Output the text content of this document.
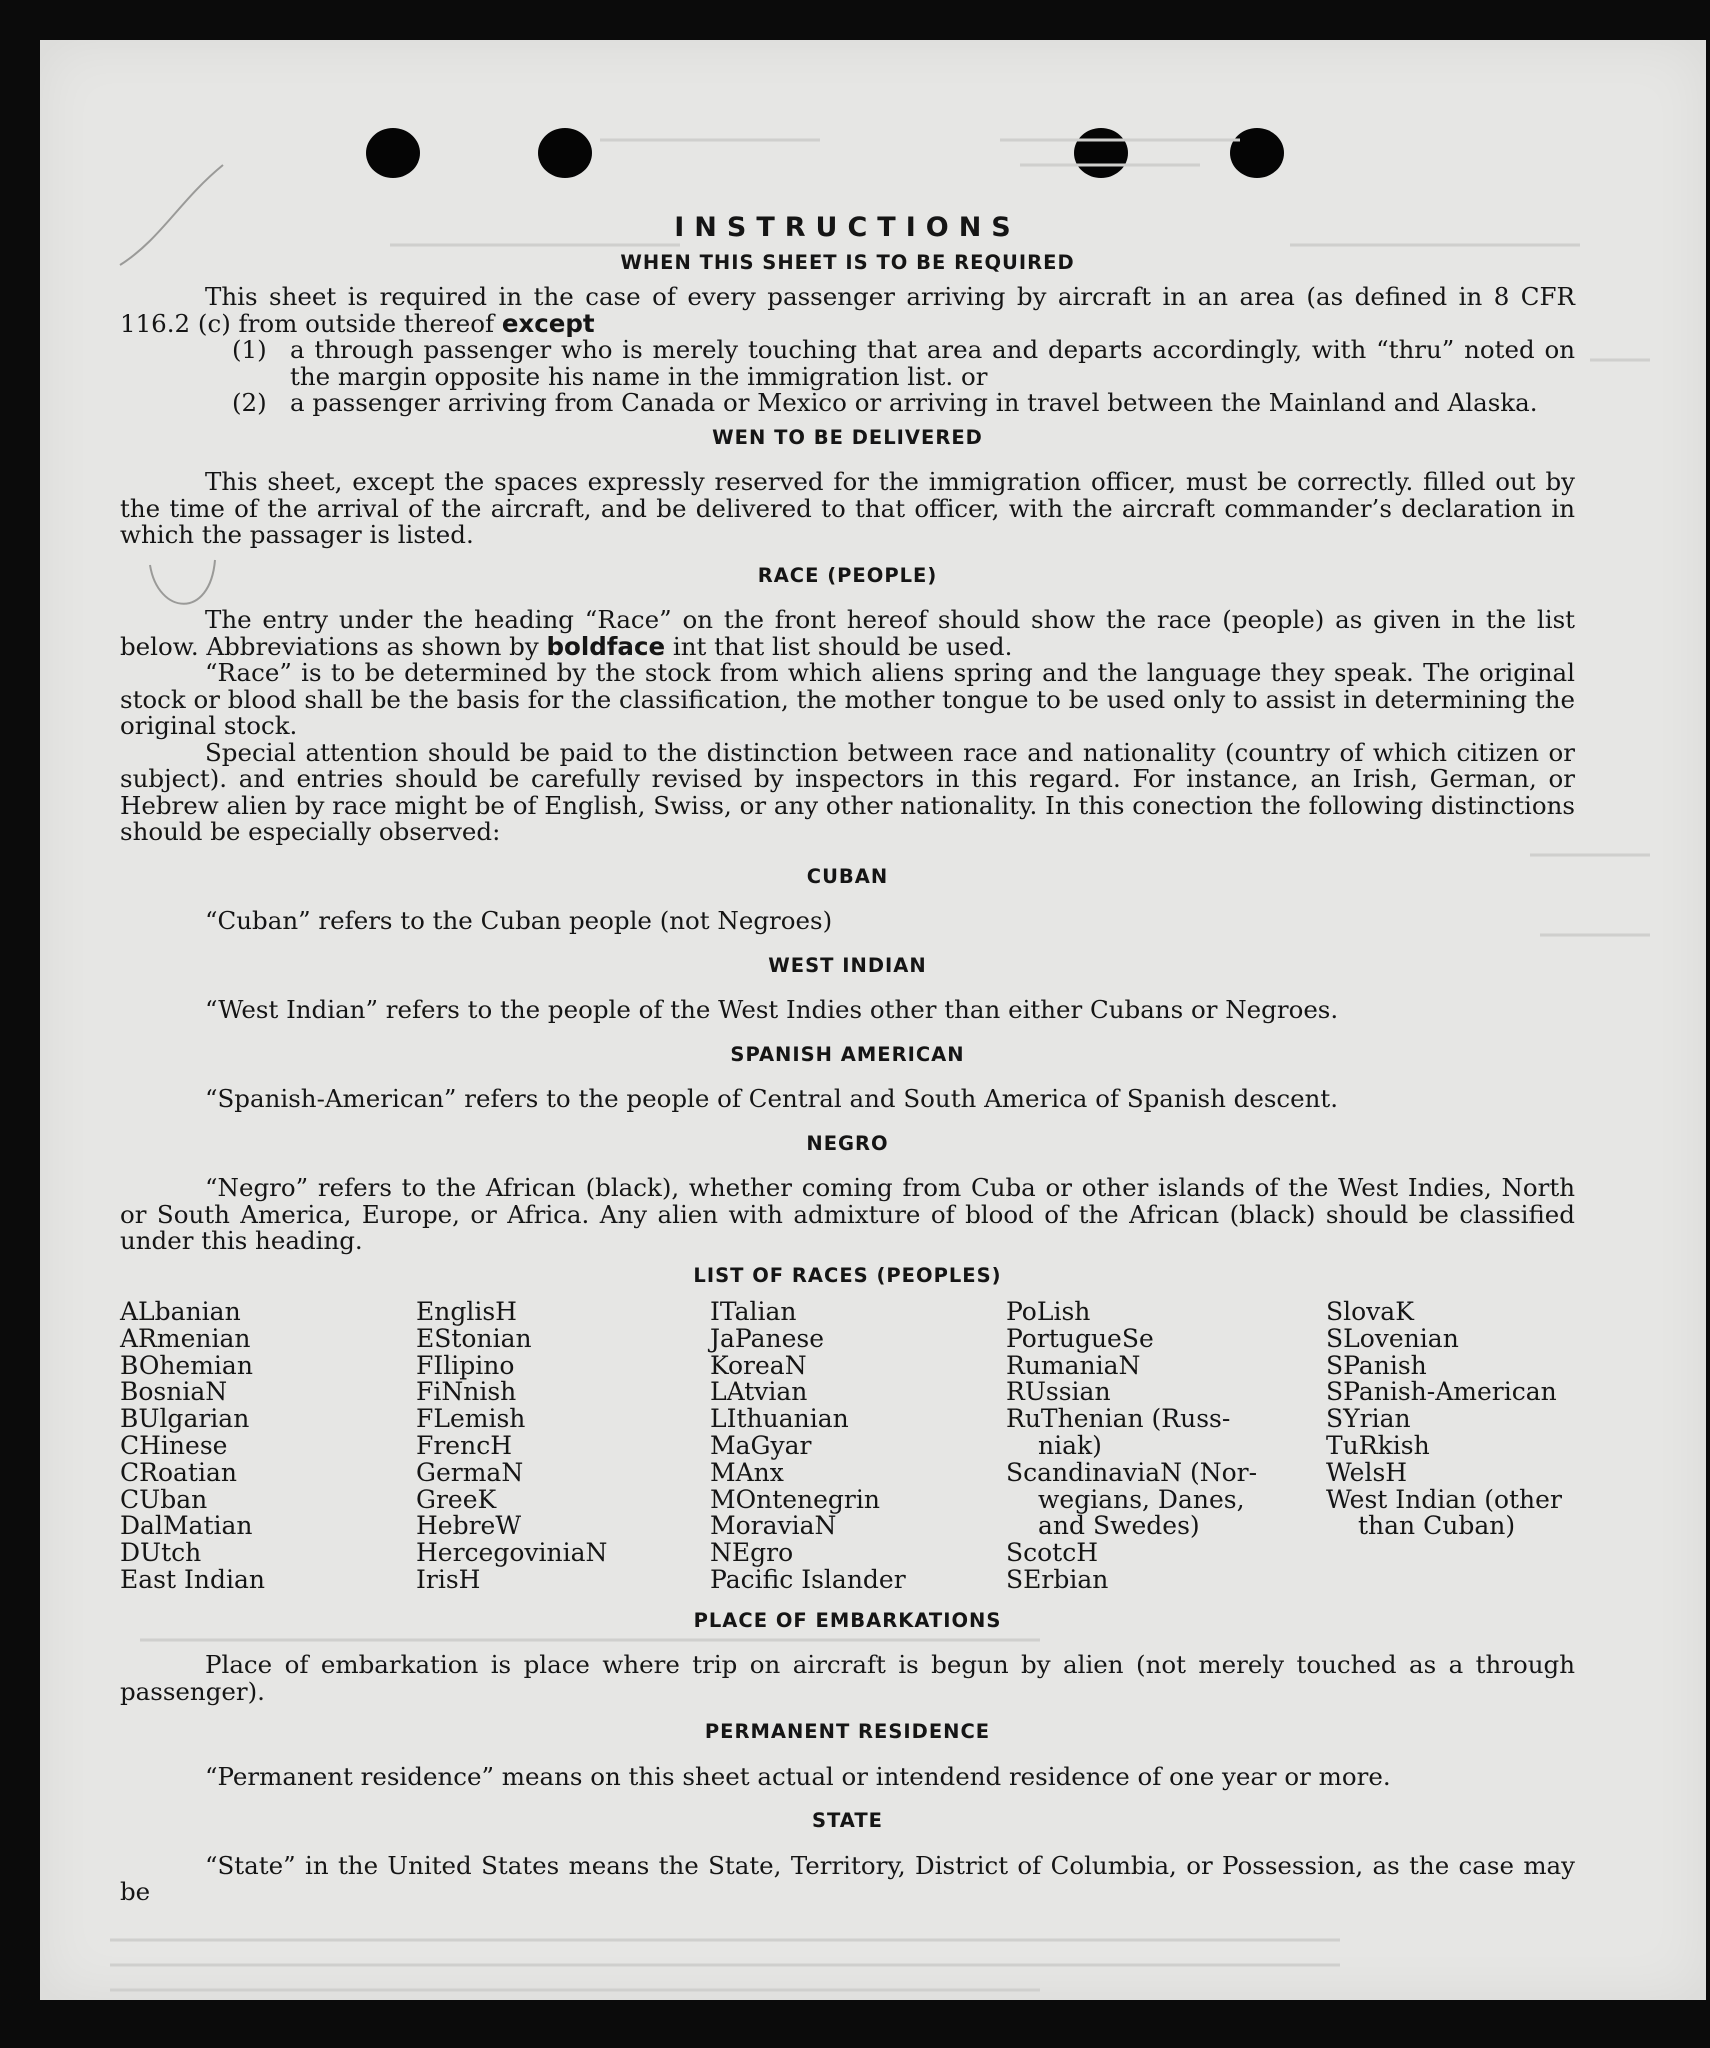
INSTRUCTIONS
WHEN THIS SHEET IS TO BE REQUIRED

This sheet is required in the case of every passenger arriving by aircraft in an area (as defined in 8 CFR 116.2 (c) from outside thereof except

(1) a through passenger who is merely touching that area and departs accordingly, with “thru” noted on the margin opposite his name in the immigration list. or
(2) a passenger arriving from Canada or Mexico or arriving in travel between the Mainland and Alaska.
WEN TO BE DELIVERED

This sheet, except the spaces expressly reserved for the immigration officer, must be correctly. filled out by the time of the arrival of the aircraft, and be delivered to that officer, with the aircraft commander’s declaration in which the passager is listed.

RACE (PEOPLE)

The entry under the heading “Race” on the front hereof should show the race (people) as given in the list below. Abbreviations as shown by boldface int that list should be used.

“Race” is to be determined by the stock from which aliens spring and the language they speak. The original stock or blood shall be the basis for the classification, the mother tongue to be used only to assist in determining the original stock.

Special attention should be paid to the distinction between race and nationality (country of which citizen or subject). and entries should be carefully revised by inspectors in this regard. For instance, an Irish, German, or Hebrew alien by race might be of English, Swiss, or any other nationality. In this conection the following distinctions should be especially observed:

CUBAN

“Cuban” refers to the Cuban people (not Negroes)

WEST INDIAN

“West Indian” refers to the people of the West Indies other than either Cubans or Negroes.

SPANISH AMERICAN

“Spanish-American” refers to the people of Central and South America of Spanish descent.

NEGRO

“Negro” refers to the African (black), whether coming from Cuba or other islands of the West Indies, North or South America, Europe, or Africa. Any alien with admixture of blood of the African (black) should be classified under this heading.

LIST OF RACES (PEOPLES)
ALbanian
ARmenian
BOhemian
BosniaN
BUlgarian
CHinese
CRoatian
CUban
DalMatian
DUtch
East Indian
EnglisH
EStonian
FIlipino
FiNnish
FLemish
FrencH
GermaN
GreeK
HebreW
HercegoviniaN
IrisH
ITalian
JaPanese
KoreaN
LAtvian
LIthuanian
MaGyar
MAnx
MOntenegrin
MoraviaN
NEgro
Pacific Islander
PoLish
PortugueSe
RumaniaN
RUssian
RuThenian (Russ-
niak)
ScandinaviaN (Nor-
wegians, Danes,
and Swedes)
ScotcH
SErbian
SlovaK
SLovenian
SPanish
SPanish-American
SYrian
TuRkish
WelsH
West Indian (other
than Cuban)
PLACE OF EMBARKATIONS

Place of embarkation is place where trip on aircraft is begun by alien (not merely touched as a through passenger).

PERMANENT RESIDENCE

“Permanent residence” means on this sheet actual or intendend residence of one year or more.

STATE

“State” in the United States means the State, Territory, District of Columbia, or Possession, as the case may be
